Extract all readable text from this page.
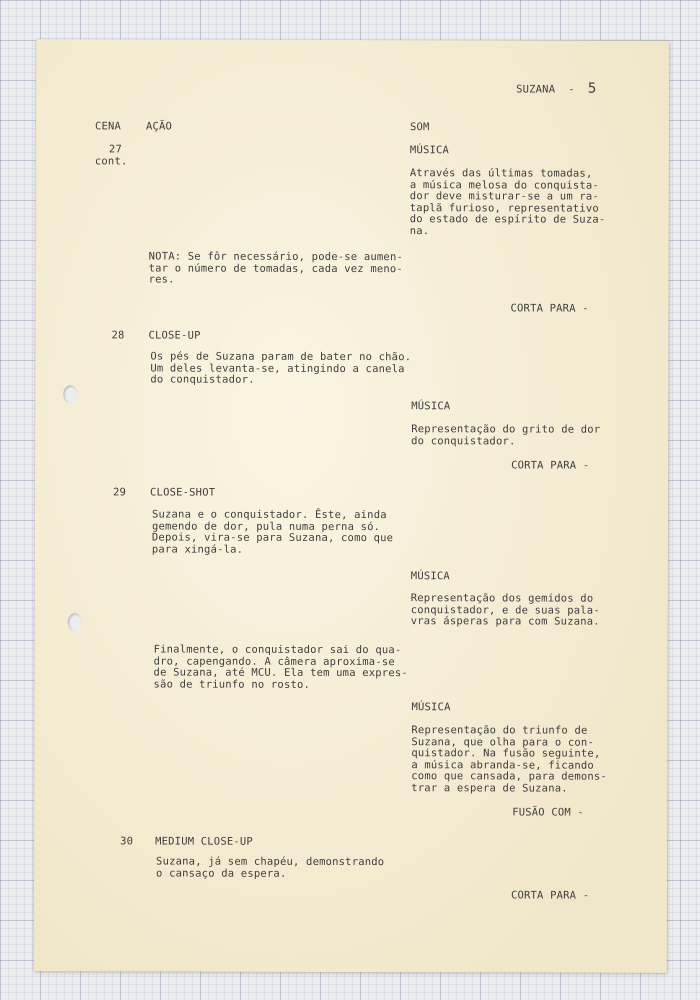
SUZANA - 5
CENA AÇÃO	SOM
27
cont.
MÚSICA
Através das últimas tomadas,
a música melosa do conquista-
dor deve misturar-se a um ra-
taplã furioso, representativo
do estado de espírito de Suza-
na.
NOTA: Se fôr necessário, pode-se aumen-
tar o número de tomadas, cada vez meno-
res.
CORTA PARA -
28 CLOSE-UP
Os pés de Suzana param de bater no chão.
Um deles levanta-se, atingindo a canela
do conquistador.
MÚSICA
Representação do grito de dor
do conquistador.
CORTA PARA -
29 CLOSE-SHOT
Suzana e o conquistador. Êste, ainda
gemendo de dor, pula numa perna só.
Depois, vira-se para Suzana, como que
para xingá-la.
MÚSICA
Representação dos gemidos do
conquistador, e de suas pala-
vras ásperas para com Suzana.
Finalmente, o conquistador sai do qua-
dro, capengando. A câmera aproxima-se
de Suzana, até MCU. Ela tem uma expres-
são de triunfo no rosto.
MÚSICA
Representação do triunfo de
Suzana, que olha para o con-
quistador. Na fusão seguinte,
a música abranda-se, ficando
como que cansada, para demons-
trar a espera de Suzana.
FUSÃO COM -
30 MEDIUM CLOSE-UP
Suzana, já sem chapéu, demonstrando
o cansaço da espera.
CORTA PARA -
